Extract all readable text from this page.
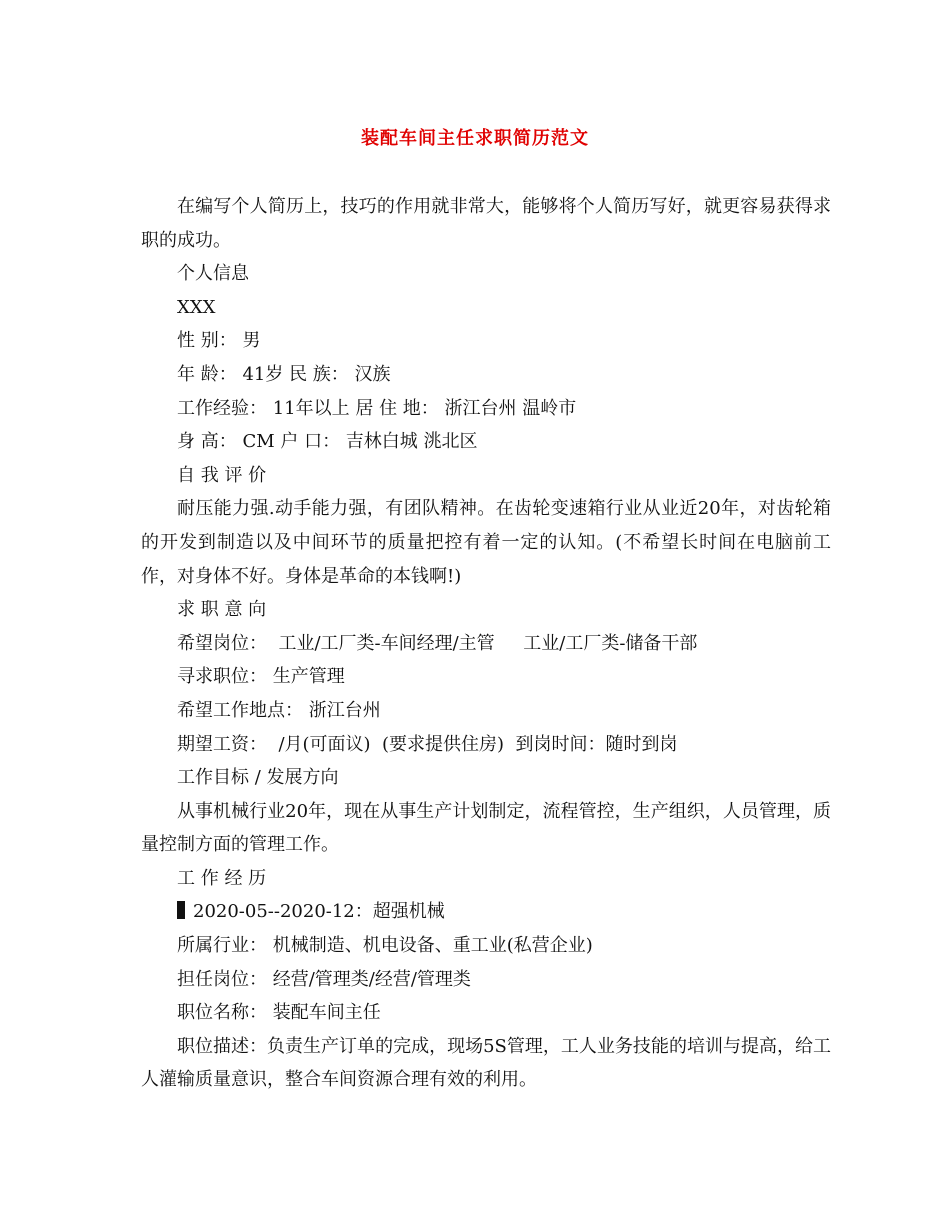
装配车间主任求职简历范文

在编写个人简历上，技巧的作用就非常大，能够将个人简历写好，就更容易获得求职的成功。

个人信息

XXX

性 别： 男

年 龄： 41岁 民 族： 汉族

工作经验： 11年以上 居 住 地： 浙江台州 温岭市

身 高： CM 户 口： 吉林白城 洮北区

自 我 评 价

耐压能力强.动手能力强，有团队精神。在齿轮变速箱行业从业近20年，对齿轮箱的开发到制造以及中间环节的质量把控有着一定的认知。(不希望长时间在电脑前工作，对身体不好。身体是革命的本钱啊!)

求 职 意 向

希望岗位：  工业/工厂类-车间经理/主管     工业/工厂类-储备干部

寻求职位： 生产管理

希望工作地点： 浙江台州

期望工资：  /月(可面议)  (要求提供住房)  到岗时间：随时到岗

工作目标 / 发展方向

从事机械行业20年，现在从事生产计划制定，流程管控，生产组织，人员管理，质量控制方面的管理工作。

工 作 经 历

2020-05--2020-12：超强机械

所属行业： 机械制造、机电设备、重工业(私营企业)

担任岗位： 经营/管理类/经营/管理类

职位名称： 装配车间主任

职位描述：负责生产订单的完成，现场5S管理，工人业务技能的培训与提高，给工人灌输质量意识，整合车间资源合理有效的利用。
